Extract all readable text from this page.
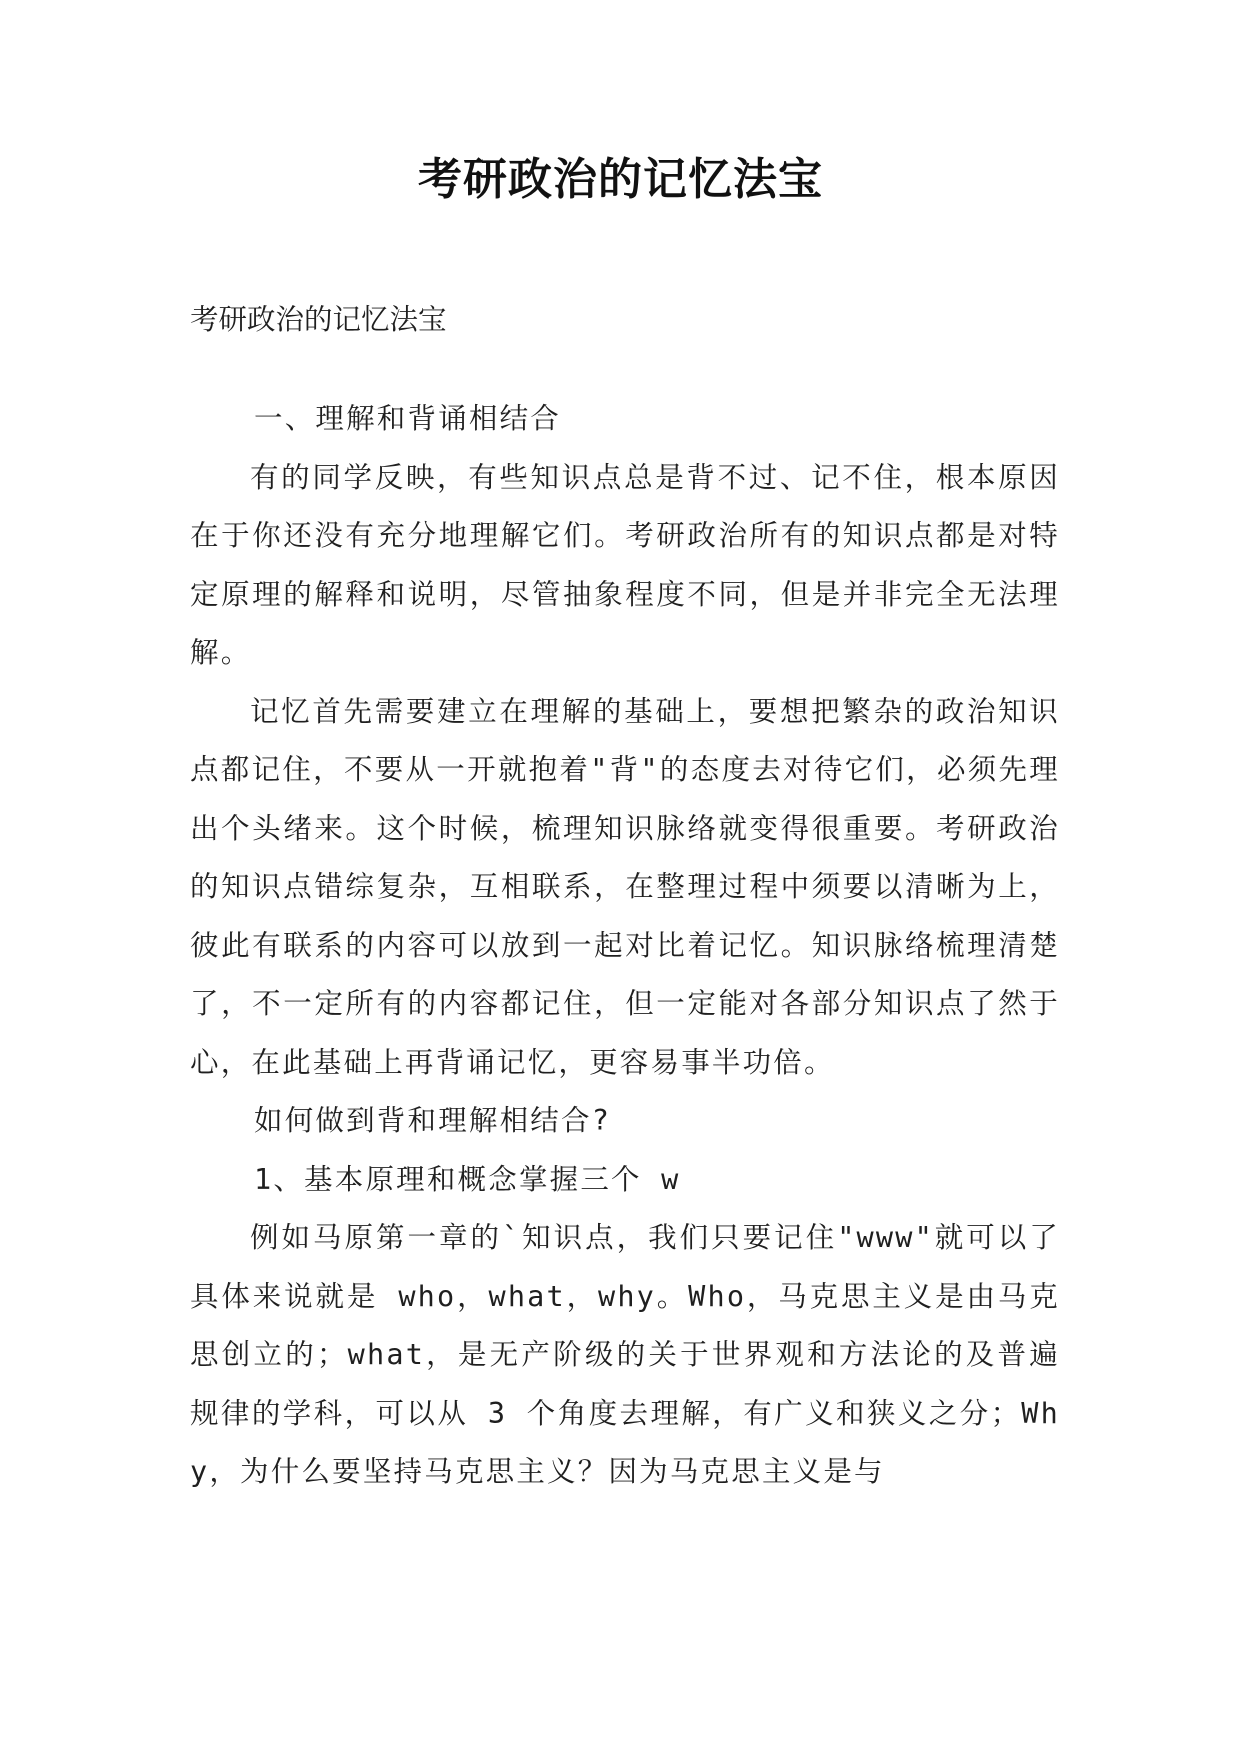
考研政治的记忆法宝

考研政治的记忆法宝

一、理解和背诵相结合

有的同学反映，有些知识点总是背不过、记不住，根本原因在于你还没有充分地理解它们。考研政治所有的知识点都是对特定原理的解释和说明，尽管抽象程度不同，但是并非完全无法理解。

记忆首先需要建立在理解的基础上，要想把繁杂的政治知识点都记住，不要从一开就抱着"背"的态度去对待它们，必须先理出个头绪来。这个时候，梳理知识脉络就变得很重要。考研政治的知识点错综复杂，互相联系，在整理过程中须要以清晰为上，彼此有联系的内容可以放到一起对比着记忆。知识脉络梳理清楚了，不一定所有的内容都记住，但一定能对各部分知识点了然于心，在此基础上再背诵记忆，更容易事半功倍。

如何做到背和理解相结合?

1、基本原理和概念掌握三个 w

例如马原第一章的`知识点，我们只要记住"www"就可以了具体来说就是 who，what，why。Who，马克思主义是由马克思创立的；what，是无产阶级的关于世界观和方法论的及普遍规律的学科，可以从 3 个角度去理解，有广义和狭义之分；Why，为什么要坚持马克思主义？因为马克思主义是与
